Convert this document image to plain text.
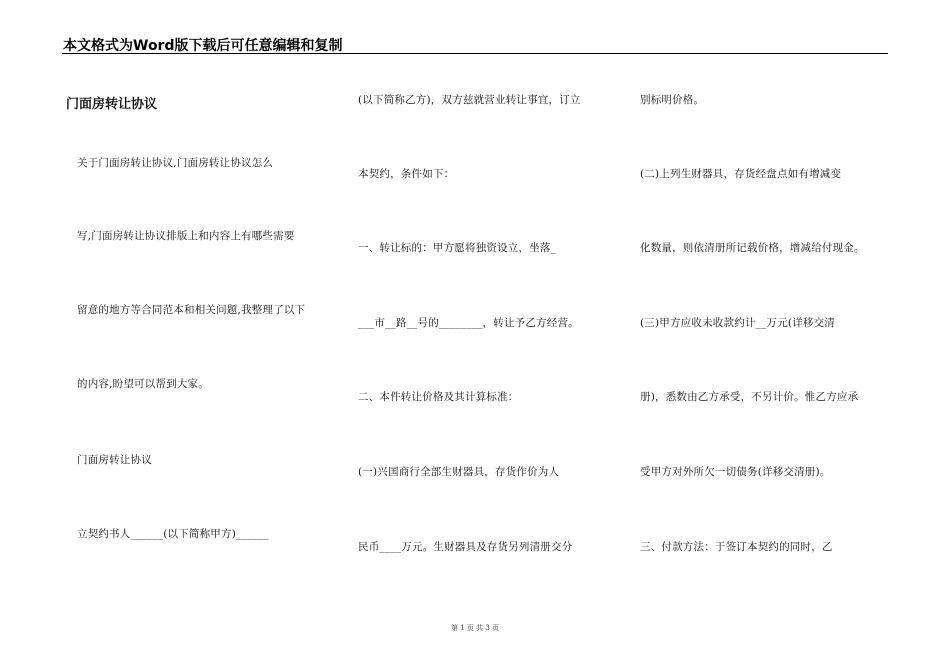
本文格式为Word版下载后可任意编辑和复制
门面房转让协议
关于门面房转让协议,门面房转让协议怎么
写,门面房转让协议排版上和内容上有哪些需要
留意的地方等合同范本和相关问题,我整理了以下
的内容,盼望可以帮到大家。
门面房转让协议
立契约书人______(以下简称甲方)______
(以下简称乙方)，双方兹就营业转让事宜，订立
本契约，条件如下：
一、转让标的：甲方愿将独资设立，坐落_
___市__路__号的________，转让予乙方经营。
二、本件转让价格及其计算标准：
(一)兴国商行全部生财器具，存货作价为人
民币____万元。生财器具及存货另列清册交分
别标明价格。
(二)上列生财器具，存货经盘点如有增减变
化数量，则依清册所记载价格，增减给付现金。
(三)甲方应收未收款约计__万元(详移交清
册)，悉数由乙方承受，不另计价。惟乙方应承
受甲方对外所欠一切债务(详移交清册)。
三、付款方法：于签订本契约的同时，乙
第 1 页 共 3 页
